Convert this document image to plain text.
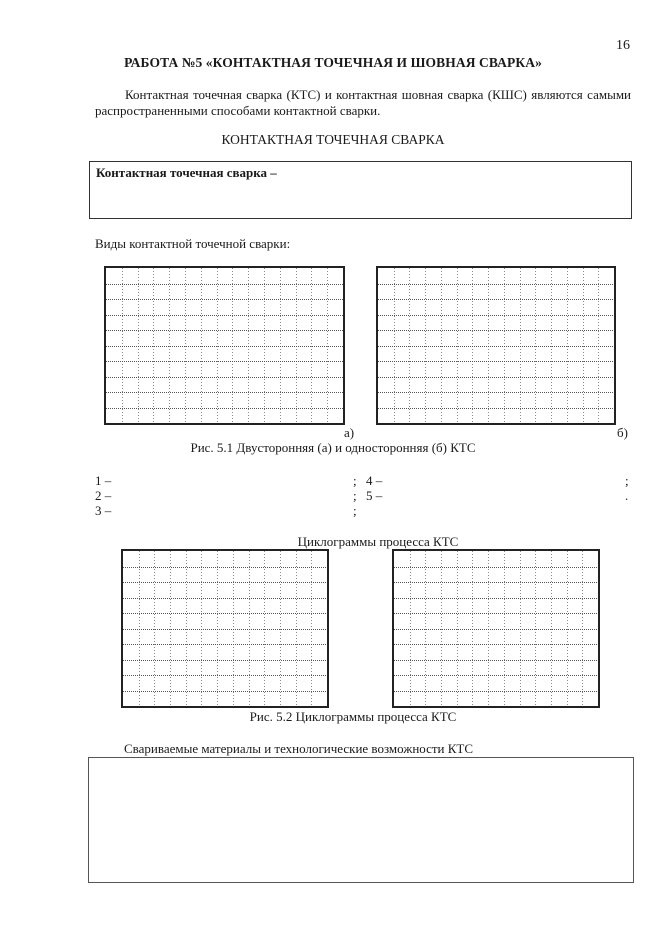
16
РАБОТА №5 «КОНТАКТНАЯ ТОЧЕЧНАЯ И ШОВНАЯ СВАРКА»
Контактная точечная сварка (КТС) и контактная шовная сварка (КШС) являются самыми распространенными способами контактной сварки.
КОНТАКТНАЯ ТОЧЕЧНАЯ СВАРКА
Контактная точечная сварка –
Виды контактной точечной сварки:
а)	б)
Рис. 5.1 Двусторонняя (а) и односторонняя (б) КТС
1 –	;
2 –	;
3 –	;
4 –	;
5 –	.
Циклограммы процесса КТС
Рис. 5.2 Циклограммы процесса КТС
Свариваемые материалы и технологические возможности КТС
